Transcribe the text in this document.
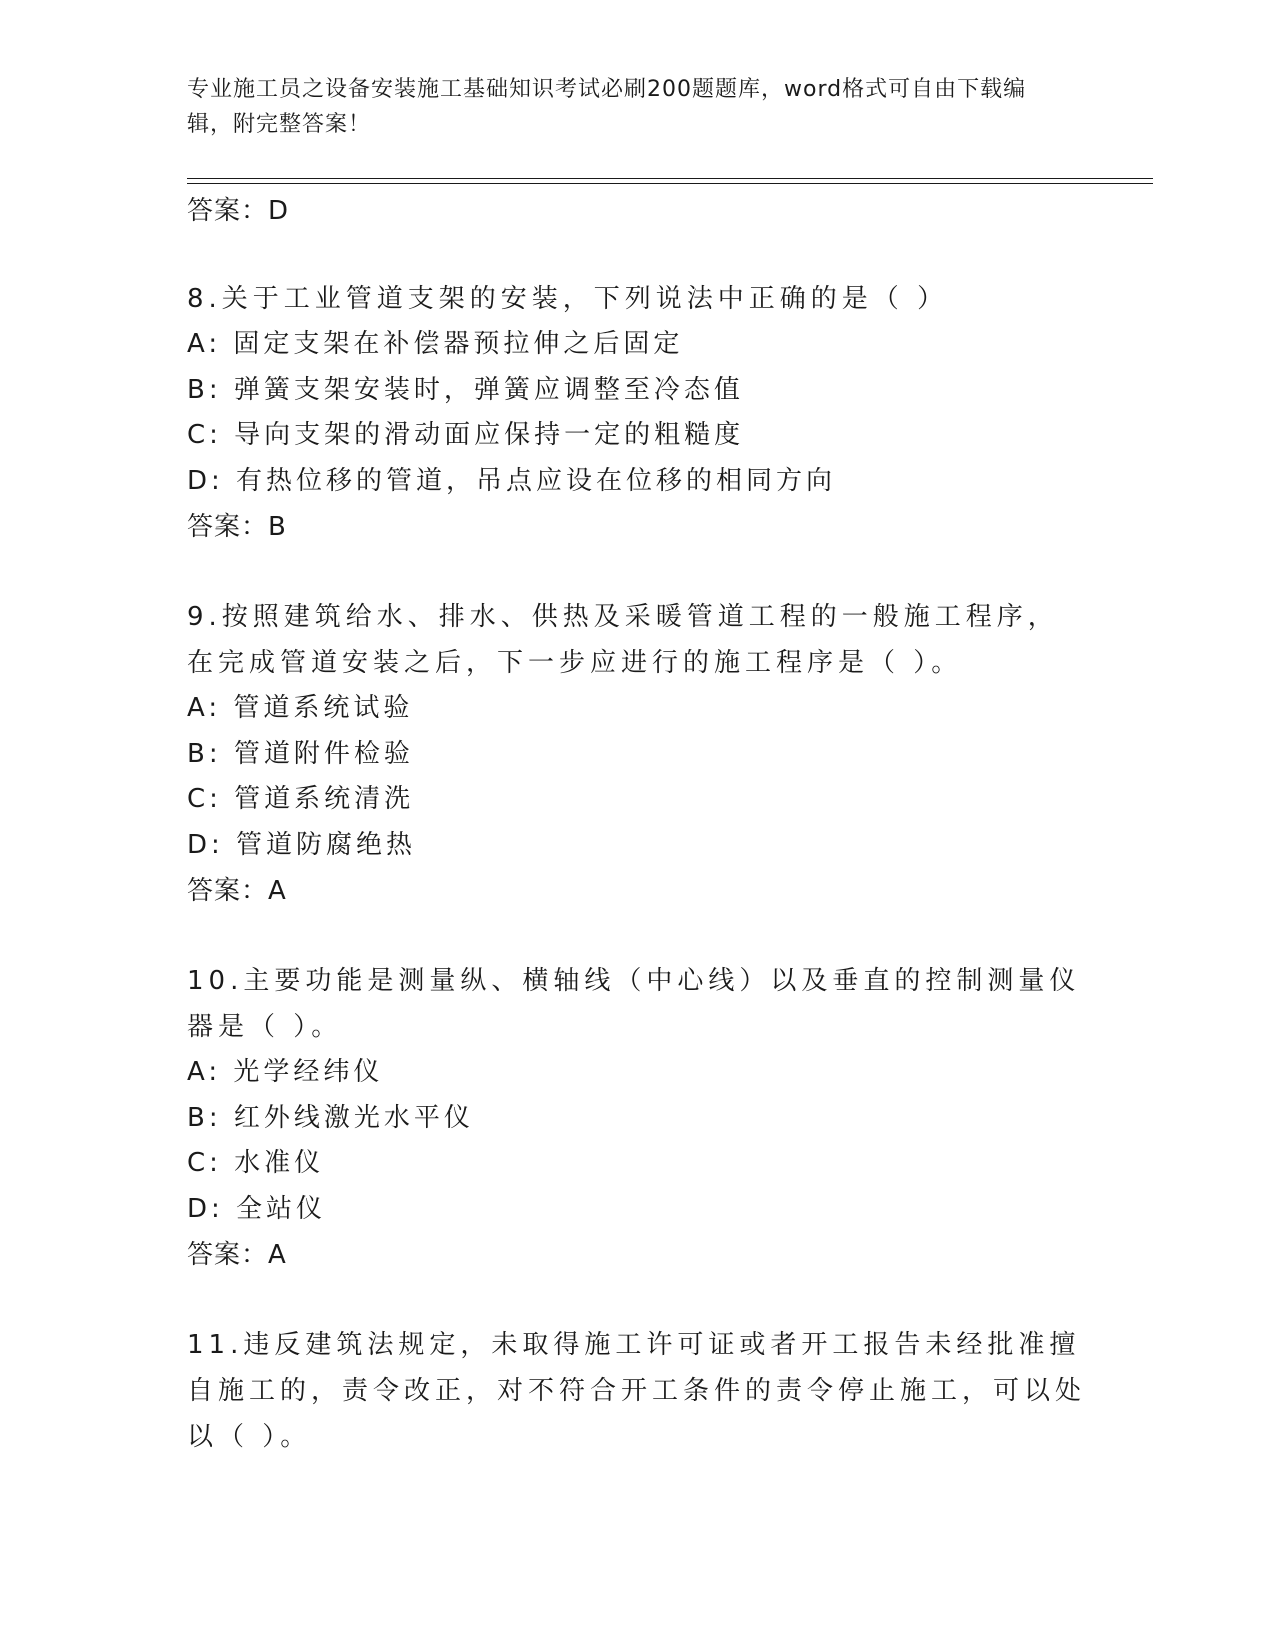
专业施工员之设备安装施工基础知识考试必刷200题题库，word格式可自由下载编辑，附完整答案！
答案：D
8.关于工业管道支架的安装，下列说法中正确的是（ ）
A: 固定支架在补偿器预拉伸之后固定
B: 弹簧支架安装时，弹簧应调整至冷态值
C: 导向支架的滑动面应保持一定的粗糙度
D: 有热位移的管道，吊点应设在位移的相同方向
答案：B
9.按照建筑给水、排水、供热及采暖管道工程的一般施工程序，在完成管道安装之后，下一步应进行的施工程序是（ ）。
A: 管道系统试验
B: 管道附件检验
C: 管道系统清洗
D: 管道防腐绝热
答案：A
10.主要功能是测量纵、横轴线（中心线）以及垂直的控制测量仪器是（ ）。
A: 光学经纬仪
B: 红外线激光水平仪
C: 水准仪
D: 全站仪
答案：A
11.违反建筑法规定，未取得施工许可证或者开工报告未经批准擅自施工的，责令改正，对不符合开工条件的责令停止施工，可以处以（ ）。
